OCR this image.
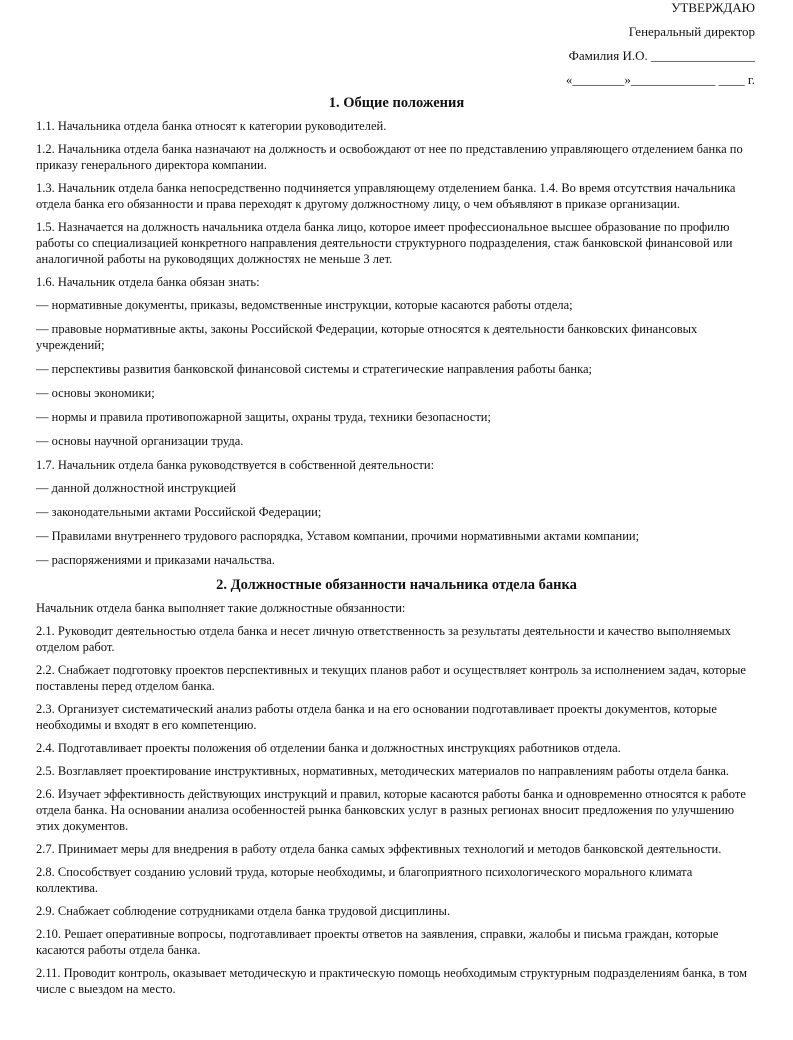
УТВЕРЖДАЮ
Генеральный директор
Фамилия И.О. ________________
«________»_____________ ____ г.
1. Общие положения

1.1. Начальника отдела банка относят к категории руководителей.

1.2. Начальника отдела банка назначают на должность и освобождают от нее по представлению управляющего отделением банка по приказу генерального директора компании.

1.3. Начальник отдела банка непосредственно подчиняется управляющему отделением банка. 1.4. Во время отсутствия начальника отдела банка его обязанности и права переходят к другому должностному лицу, о чем объявляют в приказе организации.

1.5. Назначается на должность начальника отдела банка лицо, которое имеет профессиональное высшее образование по профилю работы со специализацией конкретного направления деятельности структурного подразделения, стаж банковской финансовой или аналогичной работы на руководящих должностях не меньше 3 лет.

1.6. Начальник отдела банка обязан знать:

— нормативные документы, приказы, ведомственные инструкции, которые касаются работы отдела;

— правовые нормативные акты, законы Российской Федерации, которые относятся к деятельности банковских финансовых учреждений;

— перспективы развития банковской финансовой системы и стратегические направления работы банка;

— основы экономики;

— нормы и правила противопожарной защиты, охраны труда, техники безопасности;

— основы научной организации труда.

1.7. Начальник отдела банка руководствуется в собственной деятельности:

— данной должностной инструкцией

— законодательными актами Российской Федерации;

— Правилами внутреннего трудового распорядка, Уставом компании, прочими нормативными актами компании;

— распоряжениями и приказами начальства.

2. Должностные обязанности начальника отдела банка

Начальник отдела банка выполняет такие должностные обязанности:

2.1. Руководит деятельностью отдела банка и несет личную ответственность за результаты деятельности и качество выполняемых отделом работ.

2.2. Снабжает подготовку проектов перспективных и текущих планов работ и осуществляет контроль за исполнением задач, которые поставлены перед отделом банка.

2.3. Организует систематический анализ работы отдела банка и на его основании подготавливает проекты документов, которые необходимы и входят в его компетенцию.

2.4. Подготавливает проекты положения об отделении банка и должностных инструкциях работников отдела.

2.5. Возглавляет проектирование инструктивных, нормативных, методических материалов по направлениям работы отдела банка.

2.6. Изучает эффективность действующих инструкций и правил, которые касаются работы банка и одновременно относятся к работе отдела банка. На основании анализа особенностей рынка банковских услуг в разных регионах вносит предложения по улучшению этих документов.

2.7. Принимает меры для внедрения в работу отдела банка самых эффективных технологий и методов банковской деятельности.

2.8. Способствует созданию условий труда, которые необходимы, и благоприятного психологического морального климата коллектива.

2.9. Снабжает соблюдение сотрудниками отдела банка трудовой дисциплины.

2.10. Решает оперативные вопросы, подготавливает проекты ответов на заявления, справки, жалобы и письма граждан, которые касаются работы отдела банка.

2.11. Проводит контроль, оказывает методическую и практическую помощь необходимым структурным подразделениям банка, в том числе с выездом на место.
